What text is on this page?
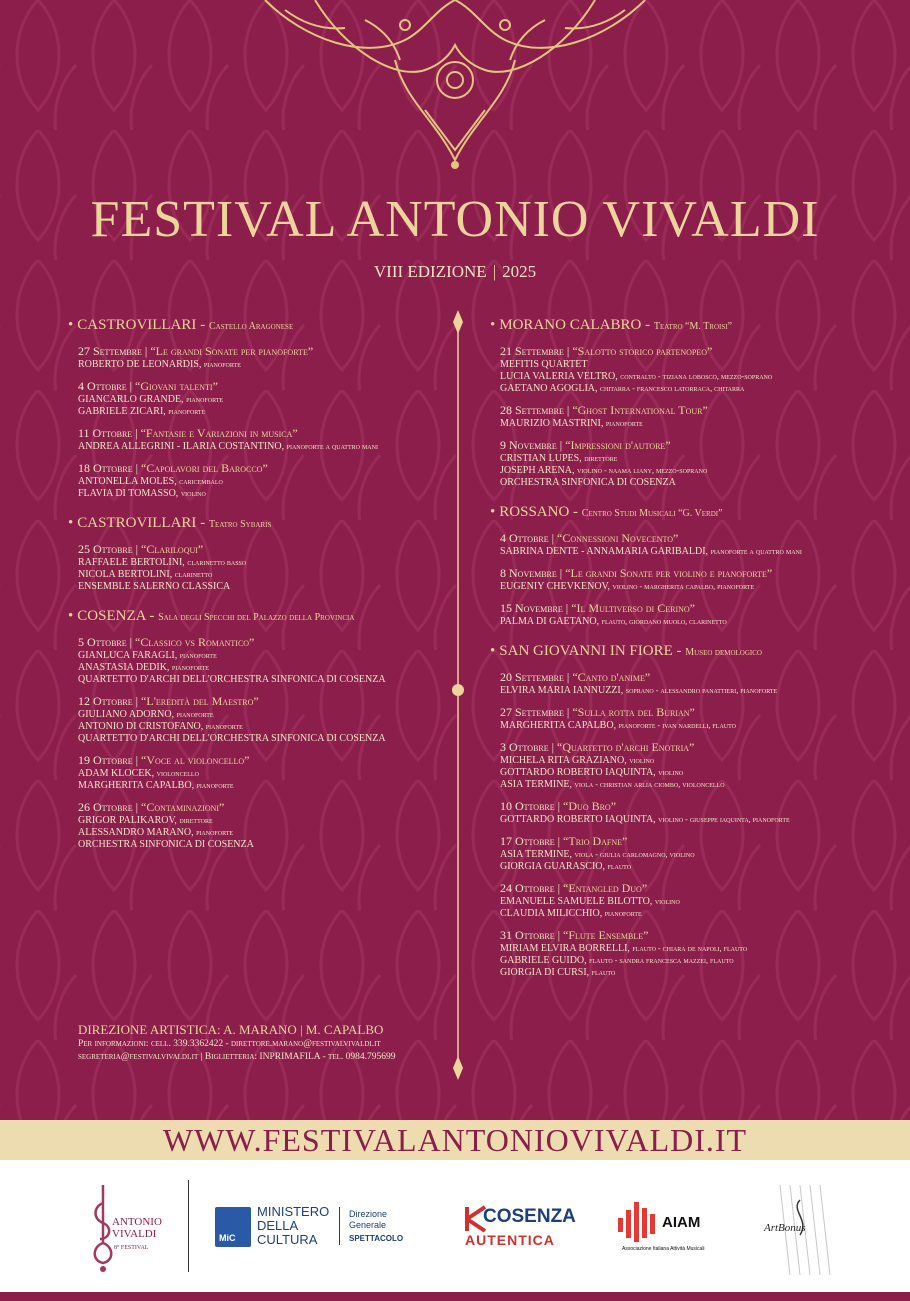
FESTIVAL ANTONIO VIVALDI
VIII EDIZIONE | 2025
• CASTROVILLARI - Castello Aragonese
27 Settembre | “Le grandi Sonate per pianoforte”
ROBERTO DE LEONARDIS, pianoforte
4 Ottobre | “Giovani talenti”
GIANCARLO GRANDE, pianoforte
GABRIELE ZICARI, pianoforte
11 Ottobre | “Fantasie e Variazioni in musica”
ANDREA ALLEGRINI - ILARIA COSTANTINO, pianoforte a quattro mani
18 Ottobre | “Capolavori del Barocco”
ANTONELLA MOLES, caricembalo
FLAVIA DI TOMASSO, violino
• CASTROVILLARI - Teatro Sybaris
25 Ottobre | “Clariloqui”
RAFFAELE BERTOLINI, clarinetto basso
NICOLA BERTOLINI, clarinetto
ENSEMBLE SALERNO CLASSICA
• COSENZA - Sala degli Specchi del Palazzo della Provincia
5 Ottobre | “Classico vs Romantico”
GIANLUCA FARAGLI, pianoforte
ANASTASIA DEDIK, pianoforte
QUARTETTO D'ARCHI DELL'ORCHESTRA SINFONICA DI COSENZA
12 Ottobre | “L'eredità del Maestro”
GIULIANO ADORNO, pianoforte
ANTONIO DI CRISTOFANO, pianoforte
QUARTETTO D'ARCHI DELL'ORCHESTRA SINFONICA DI COSENZA
19 Ottobre | “Voce al violoncello”
ADAM KLOCEK, violoncello
MARGHERITA CAPALBO, pianoforte
26 Ottobre | “Contaminazioni”
GRIGOR PALIKAROV, direttore
ALESSANDRO MARANO, pianoforte
ORCHESTRA SINFONICA DI COSENZA
• MORANO CALABRO - Teatro “M. Troisi”
21 Settembre | “Salotto storico partenopeo”
MEFITIS QUARTET
LUCIA VALERIA VELTRO, contralto - tiziana lobosco, mezzo-soprano
GAETANO AGOGLIA, chitarra - francesco latorraca, chitarra
28 Settembre | “Ghost International Tour”
MAURIZIO MASTRINI, pianoforte
9 Novembre | “Impressioni d'autore”
CRISTIAN LUPES, direttore
JOSEPH ARENA, violino - naama liany, mezzo-soprano
ORCHESTRA SINFONICA DI COSENZA
• ROSSANO - Centro Studi Musicali “G. Verdi”
4 Ottobre | “Connessioni Novecento”
SABRINA DENTE - ANNAMARIA GARIBALDI, pianoforte a quattro mani
8 Novembre | “Le grandi Sonate per violino e pianoforte”
EUGENIY CHEVKENOV, violino - margherita capalbo, pianoforte
15 Novembre | “Il Multiverso di Cerino”
PALMA DI GAETANO, flauto, giordano muolo, clarinetto
• SAN GIOVANNI IN FIORE - Museo demologico
20 Settembre | “Canto d'anime”
ELVIRA MARIA IANNUZZI, soprano - alessandro panattieri, pianoforte
27 Settembre | “Sulla rotta del Burian”
MARGHERITA CAPALBO, pianoforte - ivan nardelli, flauto
3 Ottobre | “Quartetto d'archi Enotria”
MICHELA RITA GRAZIANO, violino
GOTTARDO ROBERTO IAQUINTA, violino
ASIA TERMINE, viola - christian arlia ciombo, violoncello
10 Ottobre | “Duo Bro”
GOTTARDO ROBERTO IAQUINTA, violino - giuseppe iaquinta, pianoforte
17 Ottobre | “Trio Dafne”
ASIA TERMINE, viola - giulia carlomagno, violino
GIORGIA GUARASCIO, flauto
24 Ottobre | “Entangled Duo”
EMANUELE SAMUELE BILOTTO, violino
CLAUDIA MILICCHIO, pianoforte
31 Ottobre | “Flute Ensemble”
MIRIAM ELVIRA BORRELLI, flauto - chiara de napoli, flauto
GABRIELE GUIDO, flauto - sandra francesca mazzei, flauto
GIORGIA DI CURSI, flauto
DIREZIONE ARTISTICA: A. MARANO | M. CAPALBO
Per informazioni: cell. 339.3362422 - direttore.marano@festivalvivaldi.it
segreteria@festivalvivaldi.it | Biglietteria: INPRIMAFILA - tel. 0984.795699
WWW.FESTIVALANTONIOVIVALDI.IT
ANTONIO
VIVALDI
8° FESTIVAL
MiC
MINISTERO
DELLA
CULTURA
Direzione
Generale
SPETTACOLO
COSENZA
AUTENTICA
AIAM
Associazione Italiana Attività Musicali
ArtBonus
